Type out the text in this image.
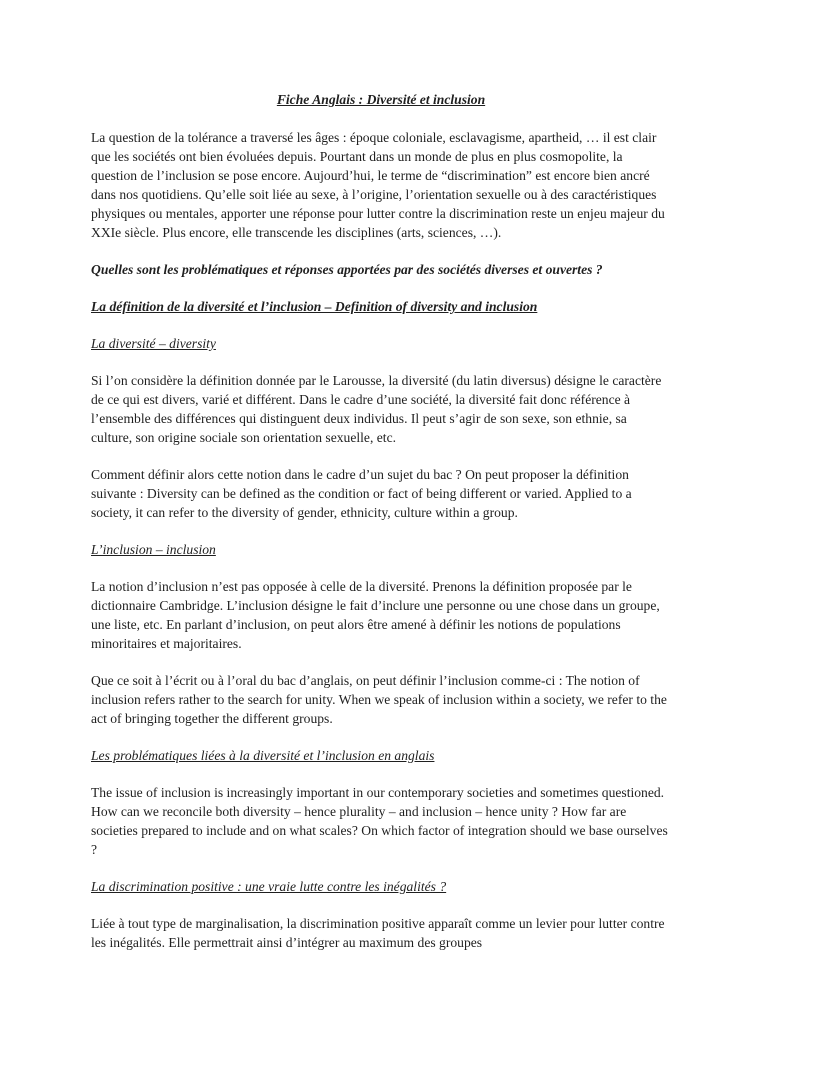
Fiche Anglais : Diversité et inclusion

La question de la tolérance a traversé les âges : époque coloniale, esclavagisme, apartheid, … il est clair que les sociétés ont bien évoluées depuis. Pourtant dans un monde de plus en plus cosmopolite, la question de l’inclusion se pose encore. Aujourd’hui, le terme de “discrimination” est encore bien ancré dans nos quotidiens. Qu’elle soit liée au sexe, à l’origine, l’orientation sexuelle ou à des caractéristiques physiques ou mentales, apporter une réponse pour lutter contre la discrimination reste un enjeu majeur du XXIe siècle. Plus encore, elle transcende les disciplines (arts, sciences, …).

Quelles sont les problématiques et réponses apportées par des sociétés diverses et ouvertes ?
La définition de la diversité et l’inclusion – Definition of diversity and inclusion
La diversité – diversity

Si l’on considère la définition donnée par le Larousse, la diversité (du latin diversus) désigne le caractère de ce qui est divers, varié et différent. Dans le cadre d’une société, la diversité fait donc référence à l’ensemble des différences qui distinguent deux individus. Il peut s’agir de son sexe, son ethnie, sa culture, son origine sociale son orientation sexuelle, etc.

Comment définir alors cette notion dans le cadre d’un sujet du bac ? On peut proposer la définition suivante : Diversity can be defined as the condition or fact of being different or varied. Applied to a society, it can refer to the diversity of gender, ethnicity, culture within a group.

L’inclusion – inclusion

La notion d’inclusion n’est pas opposée à celle de la diversité. Prenons la définition proposée par le dictionnaire Cambridge. L’inclusion désigne le fait d’inclure une personne ou une chose dans un groupe, une liste, etc. En parlant d’inclusion, on peut alors être amené à définir les notions de populations minoritaires et majoritaires.

Que ce soit à l’écrit ou à l’oral du bac d’anglais, on peut définir l’inclusion comme-ci : The notion of inclusion refers rather to the search for unity. When we speak of inclusion within a society, we refer to the act of bringing together the different groups.

Les problématiques liées à la diversité et l’inclusion en anglais

The issue of inclusion is increasingly important in our contemporary societies and sometimes questioned. How can we reconcile both diversity – hence plurality – and inclusion – hence unity ? How far are societies prepared to include and on what scales? On which factor of integration should we base ourselves ?

La discrimination positive : une vraie lutte contre les inégalités ?

Liée à tout type de marginalisation, la discrimination positive apparaît comme un levier pour lutter contre les inégalités. Elle permettrait ainsi d’intégrer au maximum des groupes
